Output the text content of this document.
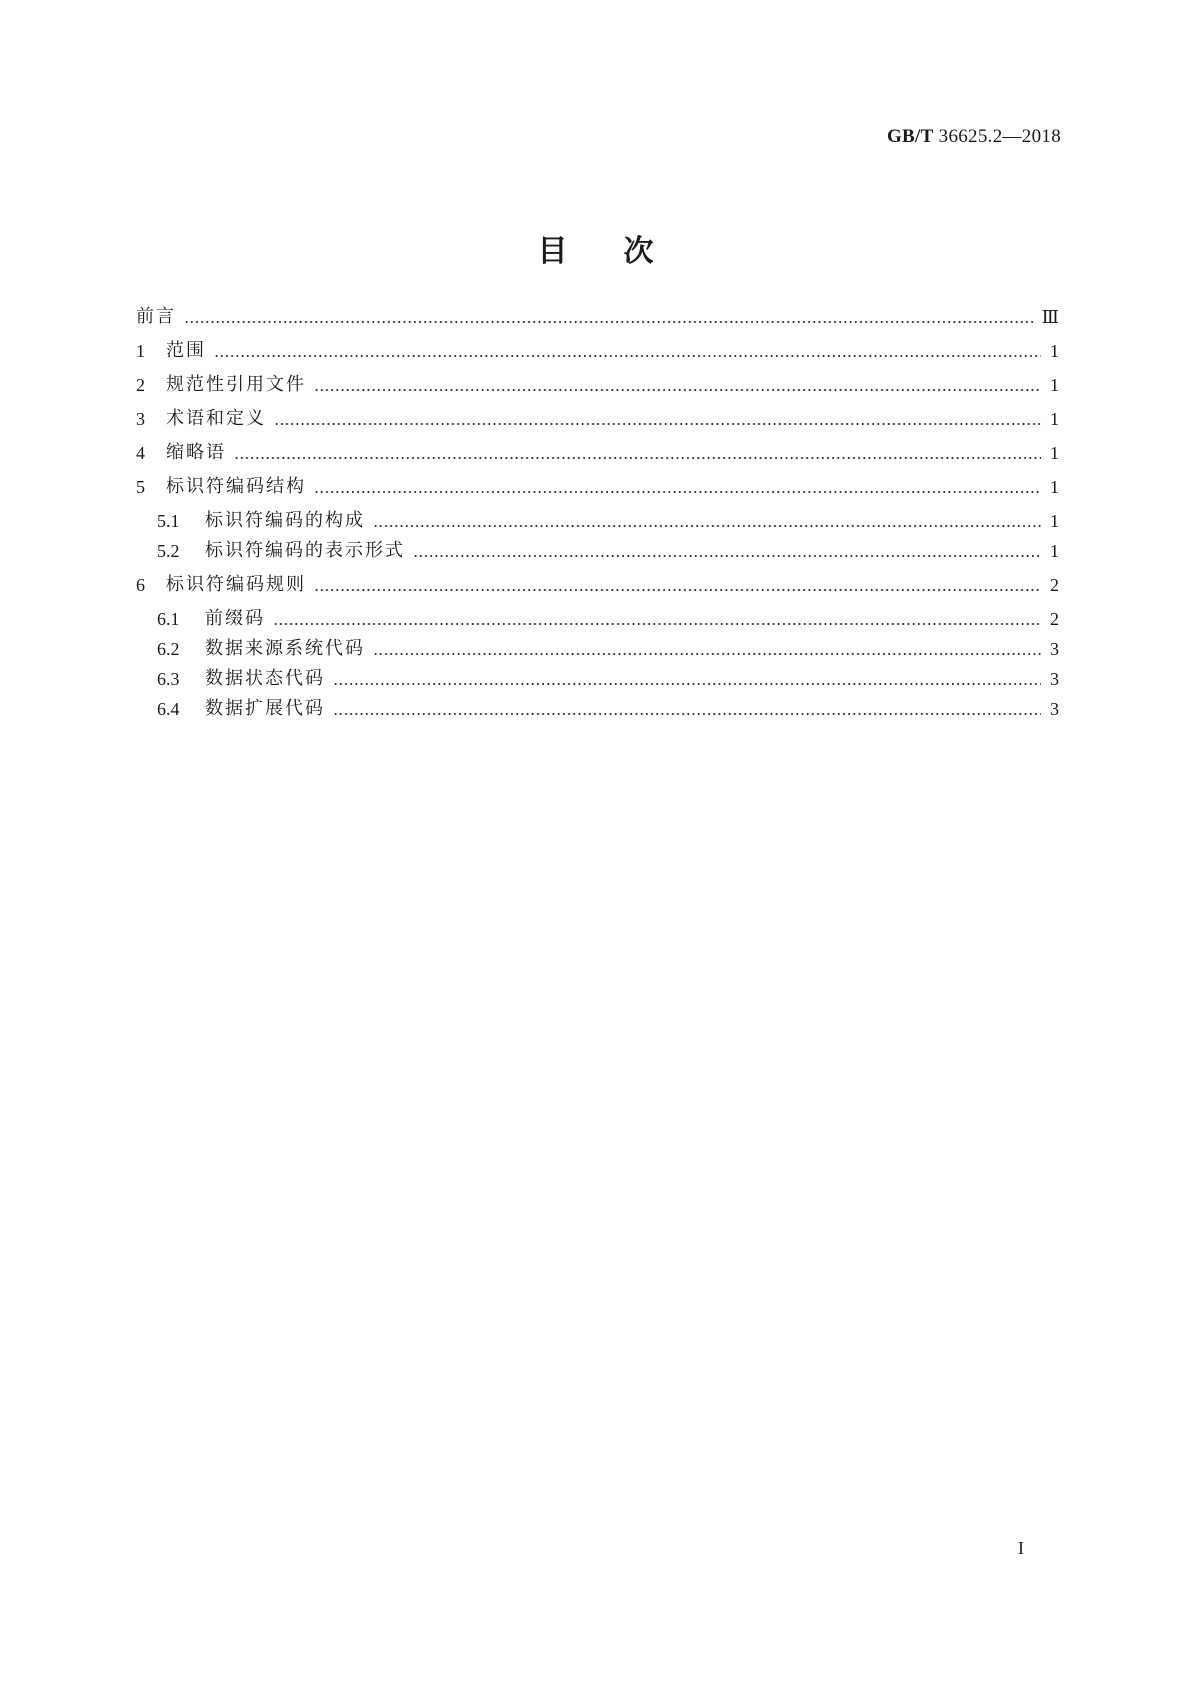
GB/T 36625.2—2018
目次
前言	Ⅲ
1	范围	1
2	规范性引用文件	1
3	术语和定义	1
4	缩略语	1
5	标识符编码结构	1
5.1	标识符编码的构成	1
5.2	标识符编码的表示形式	1
6	标识符编码规则	2
6.1	前缀码	2
6.2	数据来源系统代码	3
6.3	数据状态代码	3
6.4	数据扩展代码	3
I
